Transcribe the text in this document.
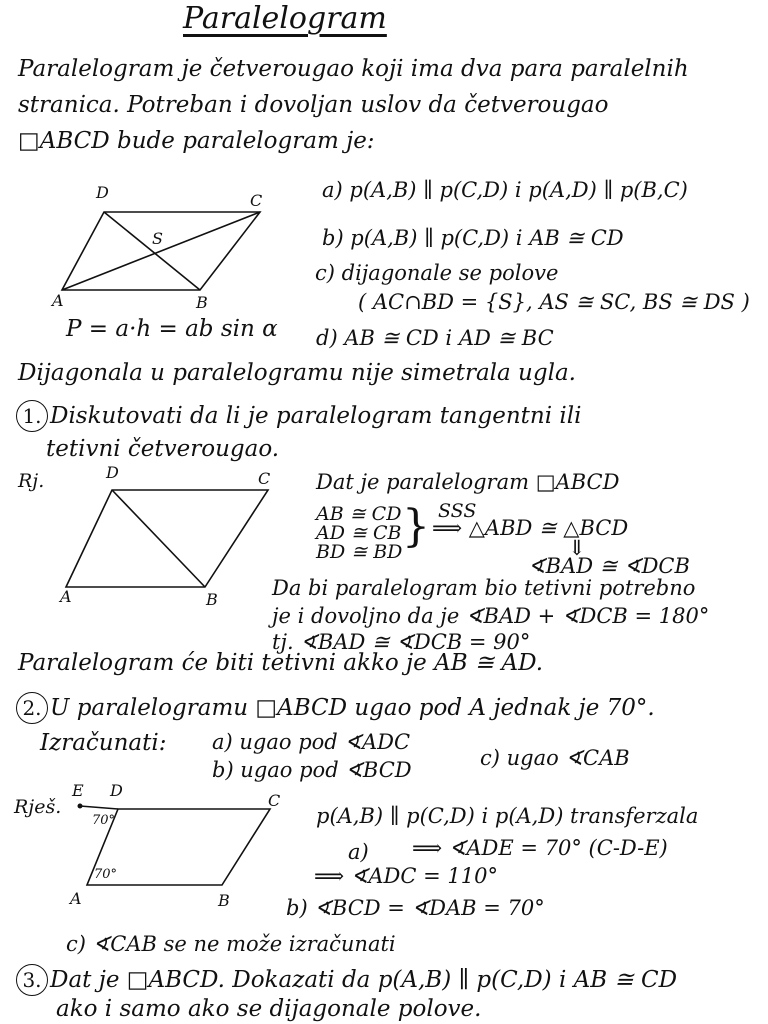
Paralelogram
Paralelogram je četverougao koji ima dva para paralelnih
stranica. Potreban i dovoljan uslov da četverougao
□ABCD bude paralelogram je:
a) p(A,B) ∥ p(C,D) i p(A,D) ∥ p(B,C)
b) p(A,B) ∥ p(C,D) i AB ≅ CD
c) dijagonale se polove
( AC∩BD = {S}, AS ≅ SC, BS ≅ DS )
d) AB ≅ CD i AD ≅ BC
A	B
C
D
S
A	B
C
D
E D
C
A	B
70°
70°
P = a·h = ab sin α
Dijagonala u paralelogramu nije simetrala ugla.
1. Diskutovati da li je paralelogram tangentni ili
tetivni četverougao.
Rj.	Dat je paralelogram □ABCD
AB ≅ CD
AD ≅ CB
BD ≅ BD } SSS
⟹ △ABD ≅ △BCD
⇓
∢BAD ≅ ∢DCB
Da bi paralelogram bio tetivni potrebno
je i dovoljno da je ∢BAD + ∢DCB = 180°
tj. ∢BAD ≅ ∢DCB = 90°
Paralelogram će biti tetivni akko je AB ≅ AD.
2. U paralelogramu □ABCD ugao pod A jednak je 70°.
Izračunati: a) ugao pod ∢ADC
b) ugao pod ∢BCD	c) ugao ∢CAB
Rješ.	p(A,B) ∥ p(C,D) i p(A,D) transferzala
a) ⟹ ∢ADE = 70° (C-D-E)
⟹ ∢ADC = 110°
b) ∢BCD = ∢DAB = 70°
c) ∢CAB se ne može izračunati
3. Dat je □ABCD. Dokazati da p(A,B) ∥ p(C,D) i AB ≅ CD
ako i samo ako se dijagonale polove.
